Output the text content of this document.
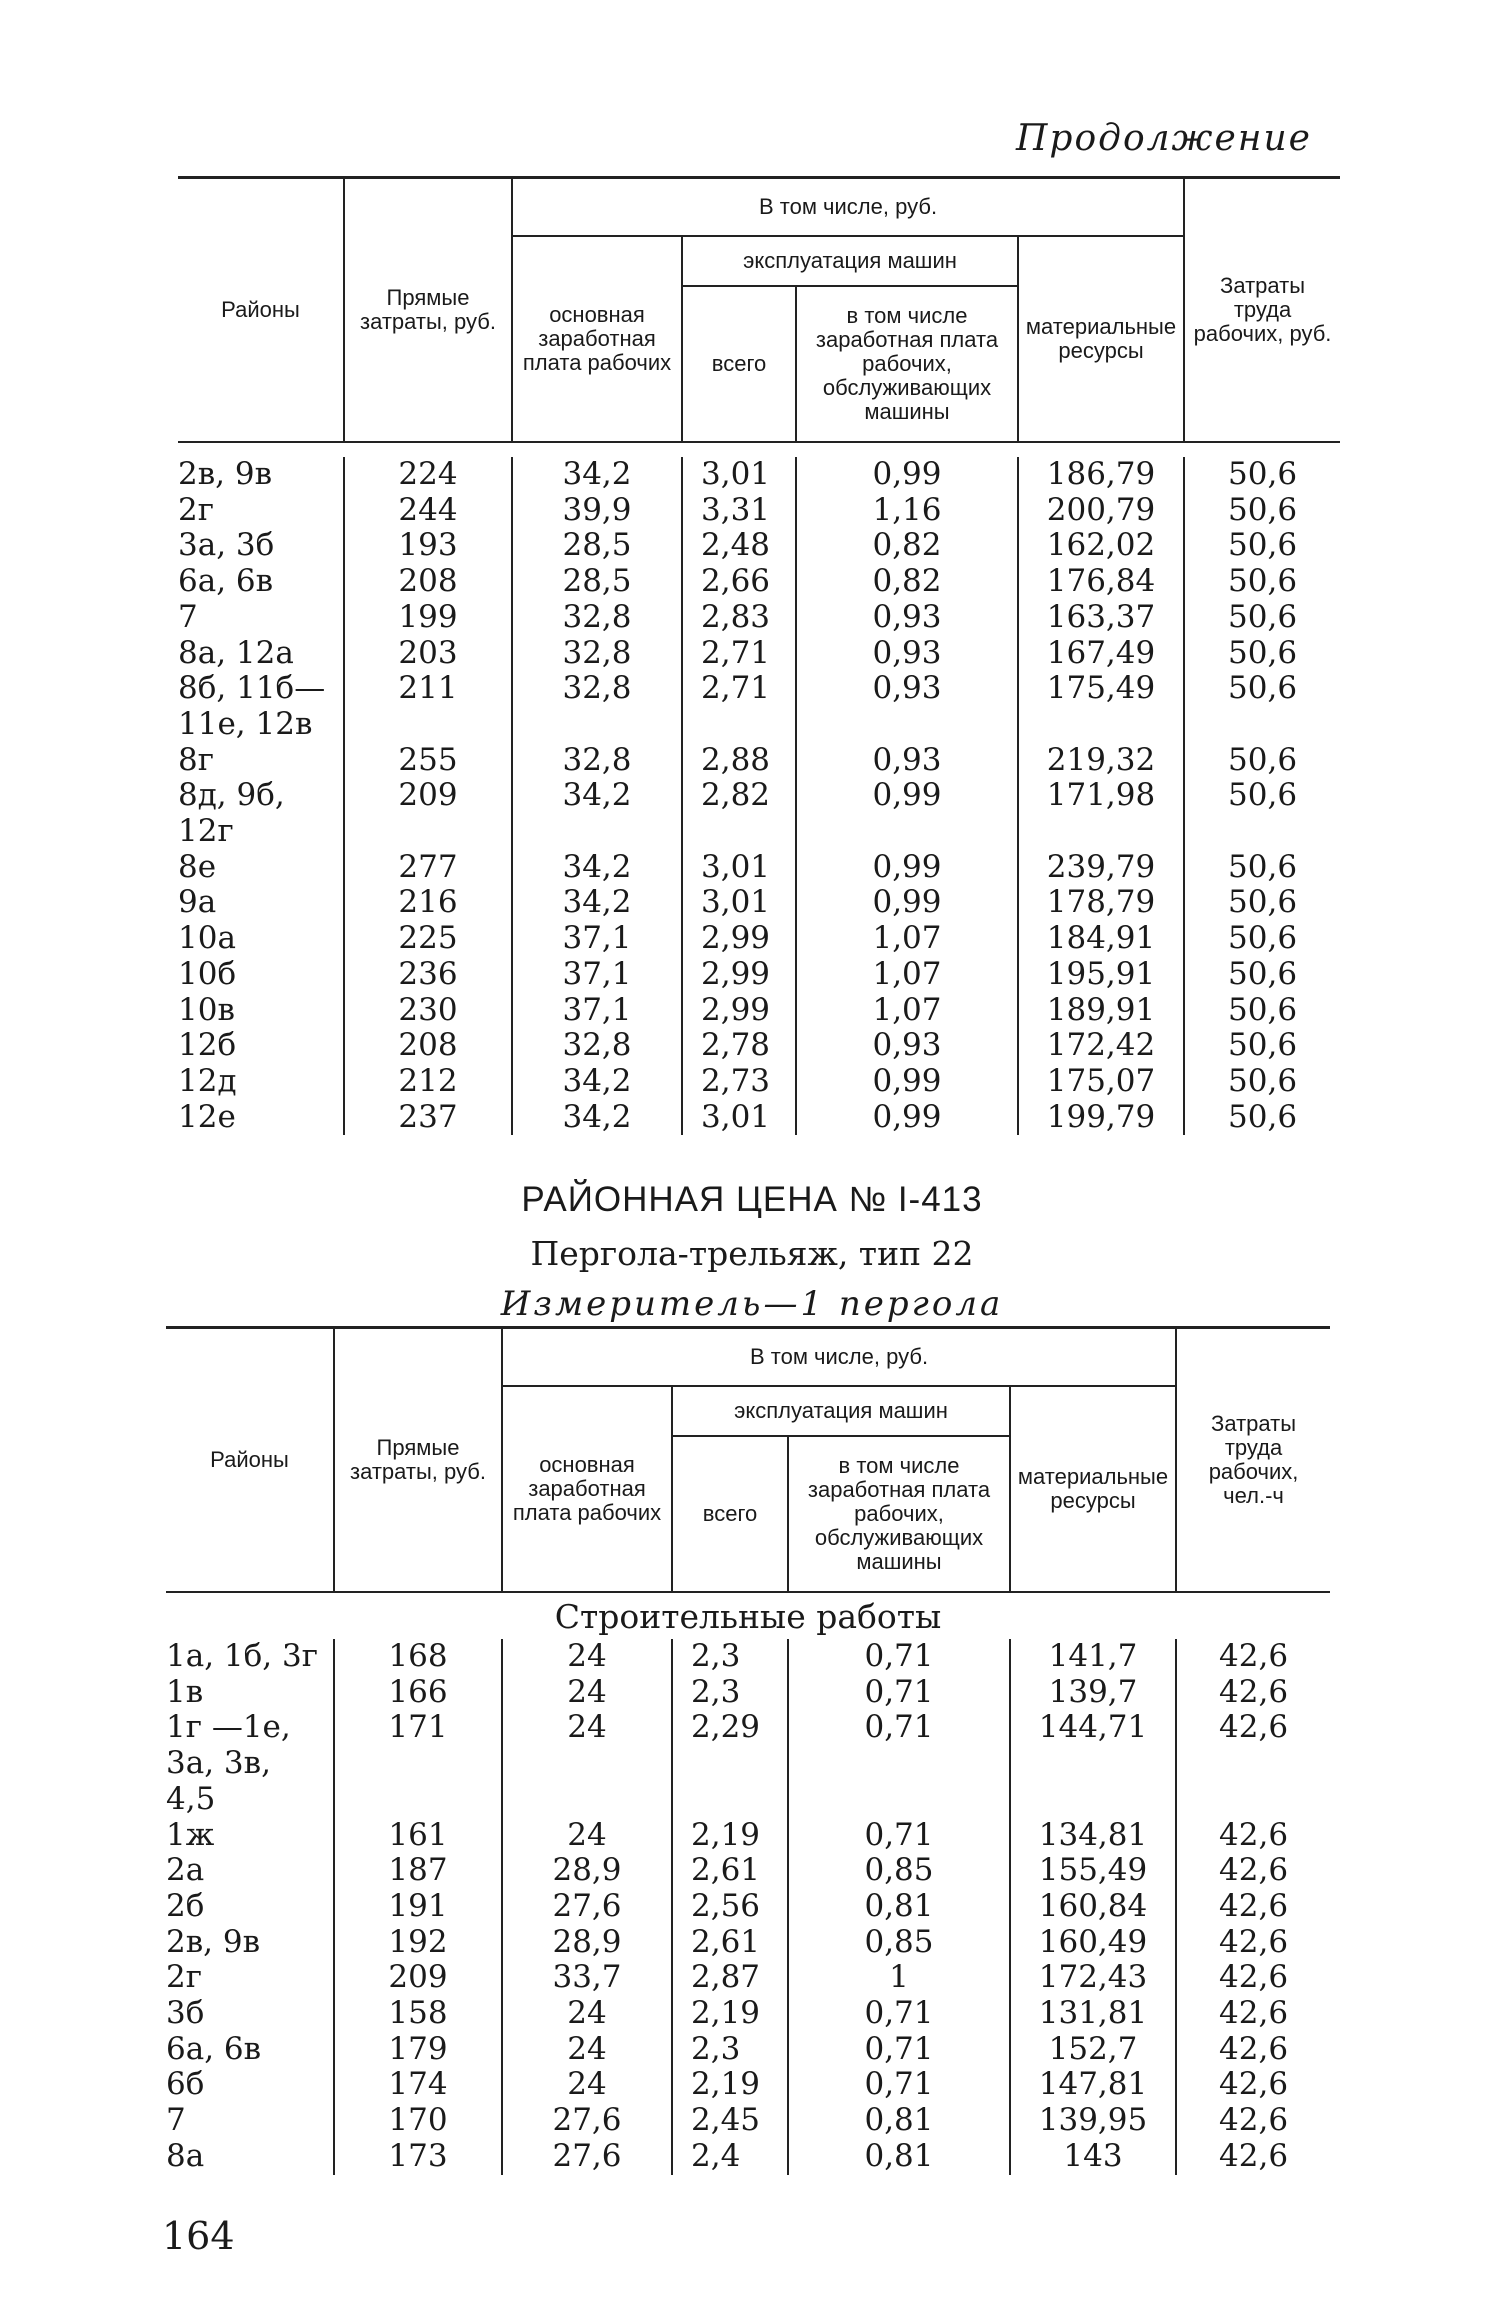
Продолжение
Районы	Прямые затраты, руб.	В том числе, руб.				Затраты труда рабочих, руб.
		основная заработная плата рабочих	эксплуатация машин		материальные ресурсы	
			всего	в том числе заработная плата рабочих, обслуживающих машины		

2в, 9в	224	34,2	3,01	0,99	186,79	50,6
2г	244	39,9	3,31	1,16	200,79	50,6
3а, 3б	193	28,5	2,48	0,82	162,02	50,6
6а, 6в	208	28,5	2,66	0,82	176,84	50,6
7	199	32,8	2,83	0,93	163,37	50,6
8а, 12а	203	32,8	2,71	0,93	167,49	50,6
8б, 11б— 11е, 12в	211	32,8	2,71	0,93	175,49	50,6
8г	255	32,8	2,88	0,93	219,32	50,6
8д, 9б, 12г	209	34,2	2,82	0,99	171,98	50,6
8е	277	34,2	3,01	0,99	239,79	50,6
9а	216	34,2	3,01	0,99	178,79	50,6
10а	225	37,1	2,99	1,07	184,91	50,6
10б	236	37,1	2,99	1,07	195,91	50,6
10в	230	37,1	2,99	1,07	189,91	50,6
12б	208	32,8	2,78	0,93	172,42	50,6
12д	212	34,2	2,73	0,99	175,07	50,6
12е	237	34,2	3,01	0,99	199,79	50,6
РАЙОННАЯ ЦЕНА № I-413
Пергола-трельяж, тип 22
Измеритель—1 пергола
Районы	Прямые затраты, руб.	В том числе, руб.				Затраты труда рабочих, чел.-ч
		основная заработная плата рабочих	эксплуатация машин		материальные ресурсы	
			всего	в том числе заработная плата рабочих, обслуживающих машины		

Строительные работы						
1а, 1б, 3г	168	24	2,3	0,71	141,7	42,6
1в	166	24	2,3	0,71	139,7	42,6
1г —1е, 3а, 3в, 4,5	171	24	2,29	0,71	144,71	42,6
1ж	161	24	2,19	0,71	134,81	42,6
2а	187	28,9	2,61	0,85	155,49	42,6
2б	191	27,6	2,56	0,81	160,84	42,6
2в, 9в	192	28,9	2,61	0,85	160,49	42,6
2г	209	33,7	2,87	1	172,43	42,6
3б	158	24	2,19	0,71	131,81	42,6
6а, 6в	179	24	2,3	0,71	152,7	42,6
6б	174	24	2,19	0,71	147,81	42,6
7	170	27,6	2,45	0,81	139,95	42,6
8а	173	27,6	2,4	0,81	143	42,6
164
